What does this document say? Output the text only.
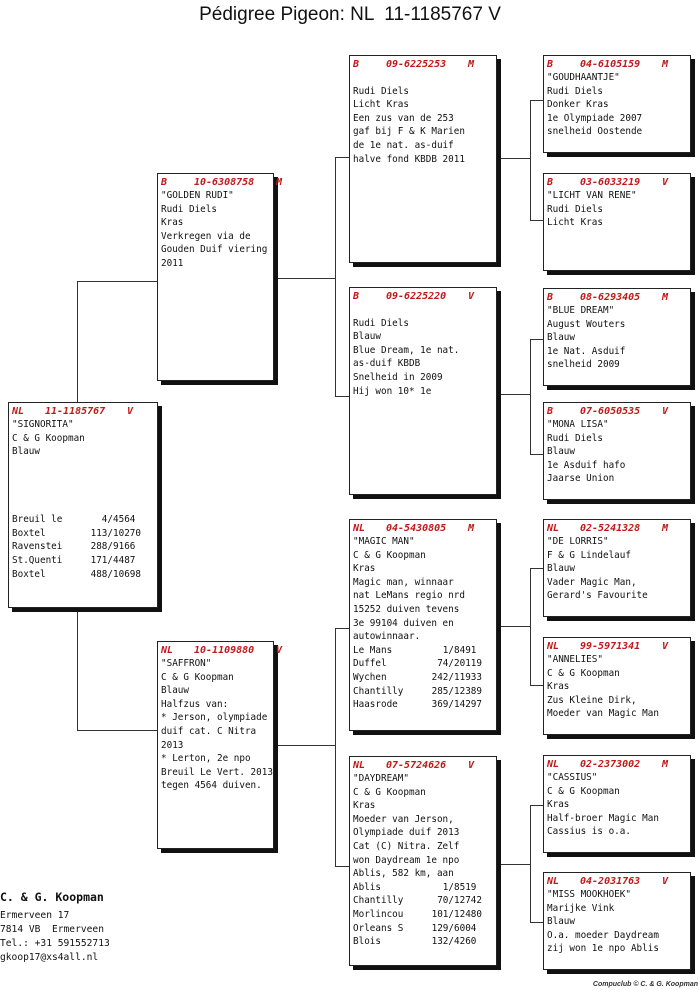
Pédigree Pigeon: NL  11-1185767 V
NL 11-1185767 V
"SIGNORITA"
C & G Koopman
Blauw
Breuil le	4/ 4564
Boxtel	113/ 10270
Ravenstei	288/ 9166
St.Quenti	171/ 4487
Boxtel	488/ 10698
B	10-6308758 M
"GOLDEN RUDI"
Rudi Diels
Kras
Verkregen via de
Gouden Duif viering
2011
NL 10-1109880 V
"SAFFRON"
C & G Koopman
Blauw
Halfzus van:
* Jerson, olympiade
duif cat. C Nitra
2013
* Lerton, 2e npo
Breuil Le Vert. 2013
tegen 4564 duiven.
B	09-6225253 M
Rudi Diels
Licht Kras
Een zus van de 253
gaf bij F & K Marien
de 1e nat. as-duif
halve fond KBDB 2011
B	09-6225220 V
Rudi Diels
Blauw
Blue Dream, 1e nat.
as-duif KBDB
Snelheid in 2009
Hij won 10* 1e
NL 04-5430805 M
"MAGIC MAN"
C & G Koopman
Kras
Magic man, winnaar
nat LeMans regio nrd
15252 duiven tevens
3e 99104 duiven en
autowinnaar.
Le Mans	1/ 8491
Duffel	74/ 20119
Wychen	242/ 11933
Chantilly	285/ 12389
Haasrode	369/ 14297
NL 07-5724626 V
"DAYDREAM"
C & G Koopman
Kras
Moeder van Jerson,
Olympiade duif 2013
Cat (C) Nitra. Zelf
won Daydream 1e npo
Ablis, 582 km, aan
Ablis	1/ 8519
Chantilly	70/ 12742
Morlincou	101/ 12480
Orleans S	129/ 6004
Blois	132/ 4260
B	04-6105159 M
"GOUDHAANTJE"
Rudi Diels
Donker Kras
1e Olympiade 2007
snelheid Oostende
B	03-6033219 V
"LICHT VAN RENE"
Rudi Diels
Licht Kras
B	08-6293405 M
"BLUE DREAM"
August Wouters
Blauw
1e Nat. Asduif
snelheid 2009
B	07-6050535 V
"MONA LISA"
Rudi Diels
Blauw
1e Asduif hafo
Jaarse Union
NL 02-5241328 M
"DE LORRIS"
F & G Lindelauf
Blauw
Vader Magic Man,
Gerard's Favourite
NL 99-5971341 V
"ANNELIES"
C & G Koopman
Kras
Zus Kleine Dirk,
Moeder van Magic Man
NL 02-2373002 M
"CASSIUS"
C & G Koopman
Kras
Half-broer Magic Man
Cassius is o.a.
NL 04-2031763 V
"MISS MOOKHOEK"
Marijke Vink
Blauw
O.a. moeder Daydream
zij won 1e npo Ablis
C. & G. Koopman
Ermerveen 17
7814 VB  Ermerveen
Tel.: +31 591552713
gkoop17@xs4all.nl
Compuclub © C. & G. Koopman
